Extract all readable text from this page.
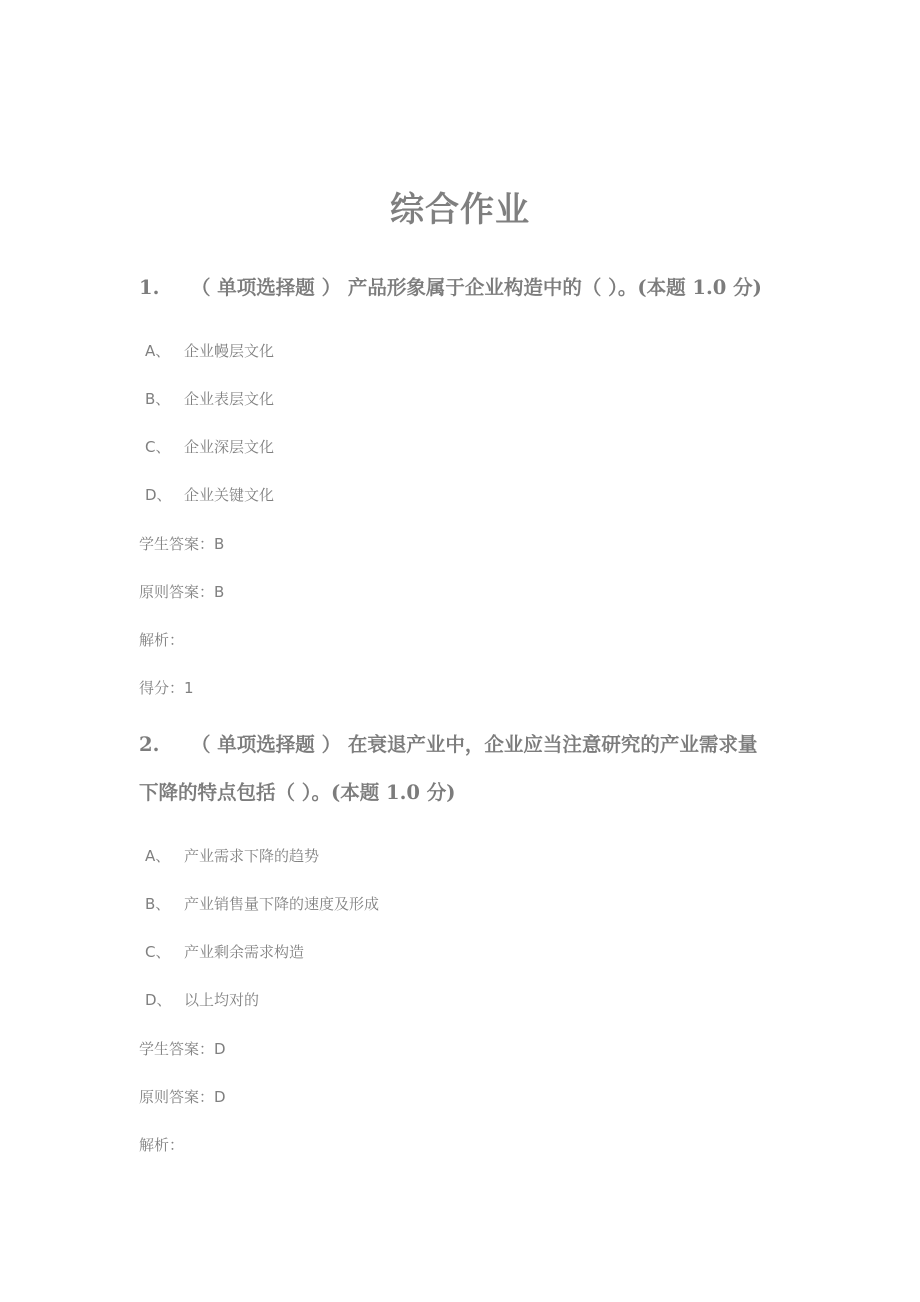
综合作业
1. （ 单项选择题 ） 产品形象属于企业构造中的（ ）。(本题 1.0 分)
A、 企业幔层文化
B、 企业表层文化
C、 企业深层文化
D、 企业关键文化
学生答案：B
原则答案：B
解析：
得分：1
2. （ 单项选择题 ） 在衰退产业中，企业应当注意研究的产业需求量
下降的特点包括（ ）。(本题 1.0 分)
A、 产业需求下降的趋势
B、 产业销售量下降的速度及形成
C、 产业剩余需求构造
D、 以上均对的
学生答案：D
原则答案：D
解析：
